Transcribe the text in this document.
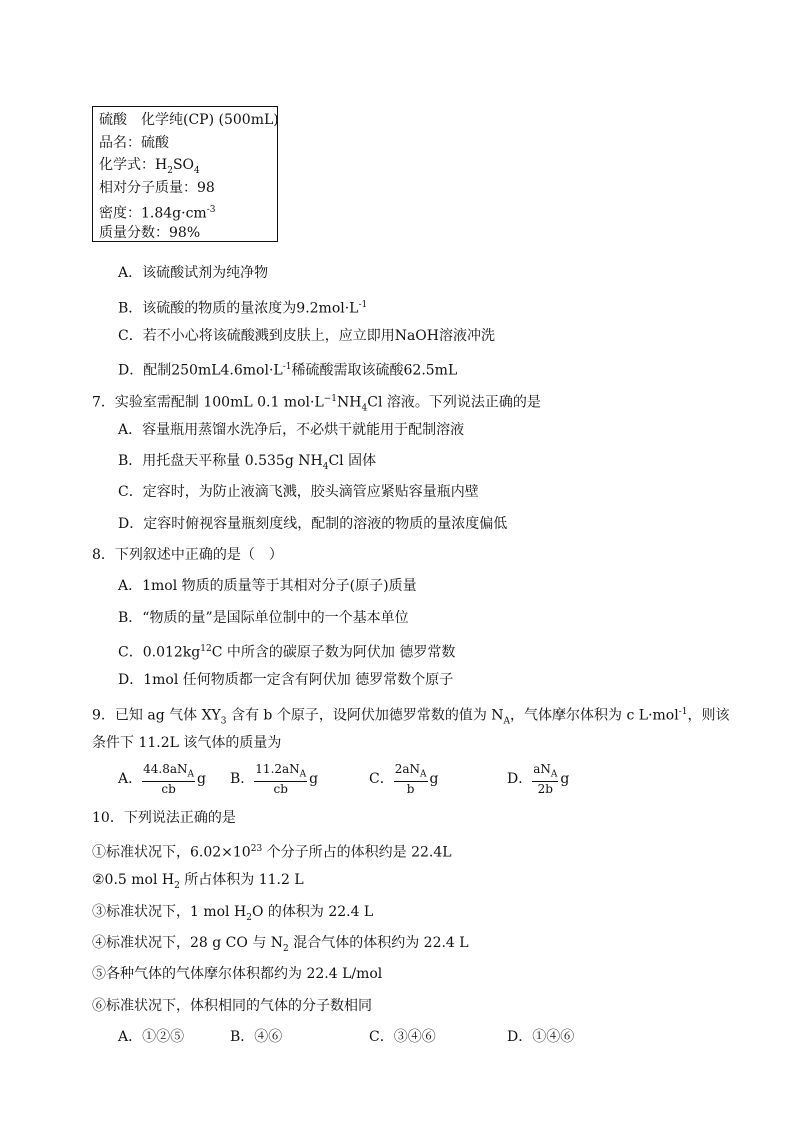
硫酸　化学纯(CP) (500mL)
品名：硫酸
化学式：$H_2SO_4$
相对分子质量：98
密度：$1.84g\cdot cm^{-3}$
质量分数：98%
A．该硫酸试剂为纯净物
B．该硫酸的物质的量浓度为$9.2mol\cdot L^{-1}$
C．若不小心将该硫酸溅到皮肤上，应立即用NaOH溶液冲洗
D．配制$250mL4.6mol\cdot L^{-1}$稀硫酸需取该硫酸62.5mL
7．实验室需配制 100mL 0.1 $mol\cdot L^{-1}NH_4Cl$ 溶液。下列说法正确的是
A．容量瓶用蒸馏水洗净后，不必烘干就能用于配制溶液
B．用托盘天平称量 0.535g $NH_4Cl$ 固体
C．定容时，为防止液滴飞溅，胶头滴管应紧贴容量瓶内壁
D．定容时俯视容量瓶刻度线，配制的溶液的物质的量浓度偏低
8．下列叙述中正确的是（　）
A．1mol 物质的质量等于其相对分子(原子)质量
B．“物质的量”是国际单位制中的一个基本单位
C．$0.012kg^{12}C$ 中所含的碳原子数为阿伏加 德罗常数
D．1mol 任何物质都一定含有阿伏加 德罗常数个原子
9．已知 ag 气体 $XY_3$ 含有 b 个原子，设阿伏加德罗常数的值为 $N_A$，气体摩尔体积为 c L·mol$^{-1}$，则该
条件下 11.2L 该气体的质量为
A． $\frac{44.8aN_A}{cb}$ g B． $\frac{11.2aN_A}{cb}$ g	C． $\frac{2aN_A}{b}$ g	D． $\frac{aN_A}{2b}$ g
10．下列说法正确的是
①标准状况下，$6.02\times 10^{23}$ 个分子所占的体积约是 22.4L
②0.5 mol $H_2$ 所占体积为 11.2 L
③标准状况下，1 mol $H_2O$ 的体积为 22.4 L
④标准状况下，28 g CO 与 $N_2$ 混合气体的体积约为 22.4 L
⑤各种气体的气体摩尔体积都约为 22.4 L/mol
⑥标准状况下，体积相同的气体的分子数相同
A．①②⑤	B．④⑥	C．③④⑥	D．①④⑥
